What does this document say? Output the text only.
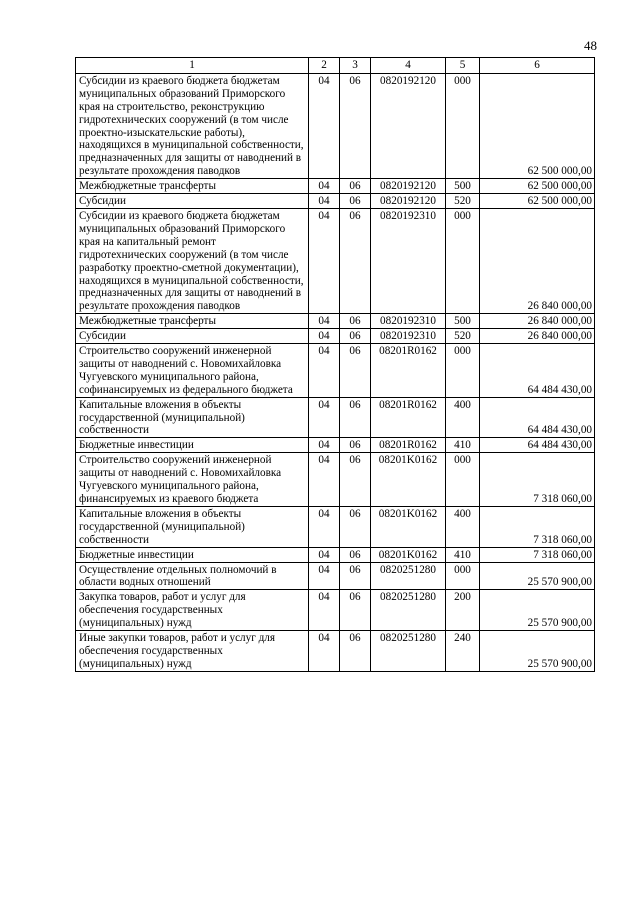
48
1	2	3	4	5	6
Субсидии из краевого бюджета бюджетам муниципальных образований Приморского края на строительство, реконструкцию гидротехнических сооружений (в том числе проектно-изыскательские работы), находящихся в муниципальной собственности, предназначенных для защиты от наводнений в результате прохождения паводков	04	06	0820192120	000	62 500 000,00
Межбюджетные трансферты	04	06	0820192120	500	62 500 000,00
Субсидии	04	06	0820192120	520	62 500 000,00
Субсидии из краевого бюджета бюджетам муниципальных образований Приморского края на капитальный ремонт гидротехнических сооружений (в том числе разработку проектно-сметной документации), находящихся в муниципальной собственности, предназначенных для защиты от наводнений в результате прохождения паводков	04	06	0820192310	000	26 840 000,00
Межбюджетные трансферты	04	06	0820192310	500	26 840 000,00
Субсидии	04	06	0820192310	520	26 840 000,00
Строительство сооружений инженерной защиты от наводнений с. Новомихайловка Чугуевского муниципального района, софинансируемых из федерального бюджета	04	06	08201R0162	000	64 484 430,00
Капитальные вложения в объекты государственной (муниципальной) собственности	04	06	08201R0162	400	64 484 430,00
Бюджетные инвестиции	04	06	08201R0162	410	64 484 430,00
Строительство сооружений инженерной защиты от наводнений с. Новомихайловка Чугуевского муниципального района, финансируемых из краевого бюджета	04	06	08201K0162	000	7 318 060,00
Капитальные вложения в объекты государственной (муниципальной) собственности	04	06	08201K0162	400	7 318 060,00
Бюджетные инвестиции	04	06	08201K0162	410	7 318 060,00
Осуществление отдельных полномочий в области водных отношений	04	06	0820251280	000	25 570 900,00
Закупка товаров, работ и услуг для обеспечения государственных (муниципальных) нужд	04	06	0820251280	200	25 570 900,00
Иные закупки товаров, работ и услуг для обеспечения государственных (муниципальных) нужд	04	06	0820251280	240	25 570 900,00
